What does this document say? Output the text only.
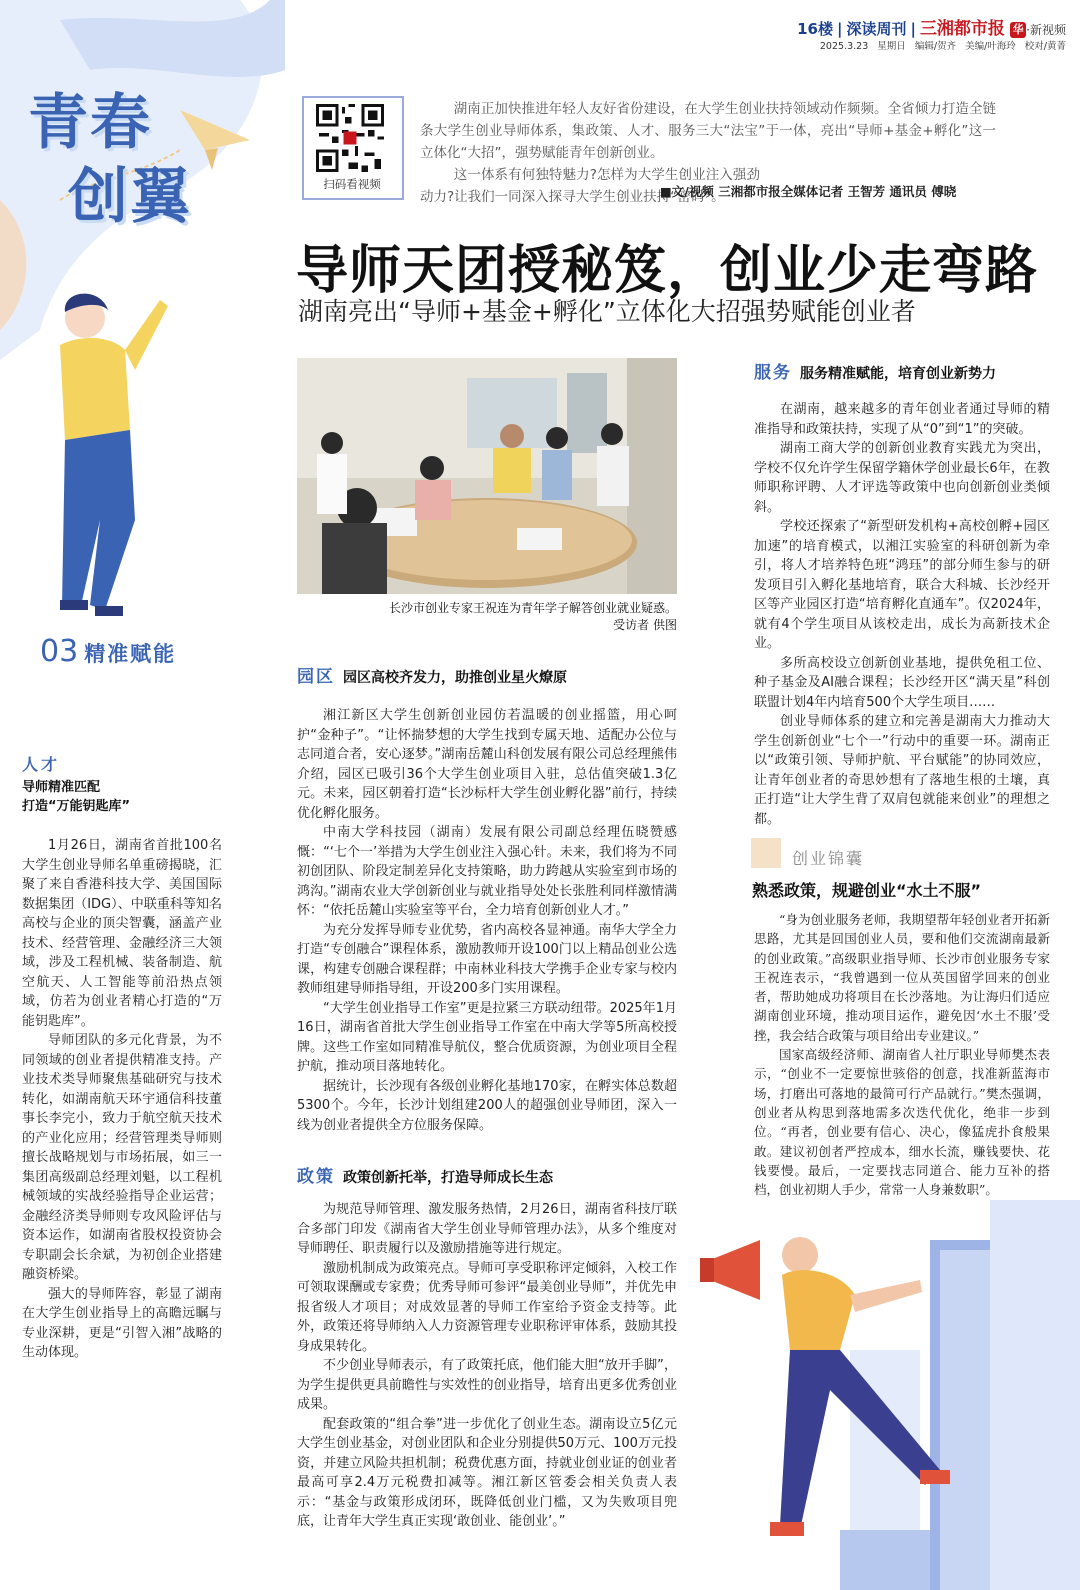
16楼 | 深读周刊 | 三湘都市报 华 ·新视频
2025.3.23 星期日 编辑/贺齐 美编/叶海玲 校对/黄菁
青春
创翼
03 精准赋能
扫码看视频

湖南正加快推进年轻人友好省份建设，在大学生创业扶持领域动作频频。全省倾力打造全链条大学生创业导师体系，集政策、人才、服务三大“法宝”于一体，亮出“导师+基金+孵化”这一立体化“大招”，强势赋能青年创新创业。

这一体系有何独特魅力?怎样为大学生创业注入强劲动力?让我们一同深入探寻大学生创业扶持“密码”。

■文/视频 三湘都市报全媒体记者 王智芳 通讯员 傅晓
导师天团授秘笈，创业少走弯路
湖南亮出“导师+基金+孵化”立体化大招强势赋能创业者
长沙市创业专家王祝连为青年学子解答创业就业疑惑。
受访者 供图
人才
导师精准匹配
打造“万能钥匙库”

1月26日，湖南省首批100名大学生创业导师名单重磅揭晓，汇聚了来自香港科技大学、美国国际数据集团（IDG）、中联重科等知名高校与企业的顶尖智囊，涵盖产业技术、经营管理、金融经济三大领域，涉及工程机械、装备制造、航空航天、人工智能等前沿热点领域，仿若为创业者精心打造的“万能钥匙库”。

导师团队的多元化背景，为不同领域的创业者提供精准支持。产业技术类导师聚焦基础研究与技术转化，如湖南航天环宇通信科技董事长李完小，致力于航空航天技术的产业化应用；经营管理类导师则擅长战略规划与市场拓展，如三一集团高级副总经理刘魁，以工程机械领域的实战经验指导企业运营；金融经济类导师则专攻风险评估与资本运作，如湖南省股权投资协会专职副会长余斌，为初创企业搭建融资桥梁。

强大的导师阵容，彰显了湖南在大学生创业指导上的高瞻远瞩与专业深耕，更是“引智入湘”战略的生动体现。

园区 园区高校齐发力，助推创业星火燎原

湘江新区大学生创新创业园仿若温暖的创业摇篮，用心呵护“金种子”。“让怀揣梦想的大学生找到专属天地、适配办公位与志同道合者，安心逐梦。”湖南岳麓山科创发展有限公司总经理熊伟介绍，园区已吸引36个大学生创业项目入驻，总估值突破1.3亿元。未来，园区朝着打造“长沙标杆大学生创业孵化器”前行，持续优化孵化服务。

中南大学科技园（湖南）发展有限公司副总经理伍晓赞感慨：“‘七个一’举措为大学生创业注入强心针。未来，我们将为不同初创团队、阶段定制差异化支持策略，助力跨越从实验室到市场的鸿沟。”湖南农业大学创新创业与就业指导处处长张胜利同样激情满怀：“依托岳麓山实验室等平台，全力培育创新创业人才。”

为充分发挥导师专业优势，省内高校各显神通。南华大学全力打造“专创融合”课程体系，激励教师开设100门以上精品创业公选课，构建专创融合课程群；中南林业科技大学携手企业专家与校内教师组建导师指导组，开设200多门实用课程。

“大学生创业指导工作室”更是拉紧三方联动纽带。2025年1月16日，湖南省首批大学生创业指导工作室在中南大学等5所高校授牌。这些工作室如同精准导航仪，整合优质资源，为创业项目全程护航，推动项目落地转化。

据统计，长沙现有各级创业孵化基地170家，在孵实体总数超5300个。今年，长沙计划组建200人的超强创业导师团，深入一线为创业者提供全方位服务保障。

政策 政策创新托举，打造导师成长生态

为规范导师管理、激发服务热情，2月26日，湖南省科技厅联合多部门印发《湖南省大学生创业导师管理办法》，从多个维度对导师聘任、职责履行以及激励措施等进行规定。

激励机制成为政策亮点。导师可享受职称评定倾斜，入校工作可领取课酬或专家费；优秀导师可参评“最美创业导师”，并优先申报省级人才项目；对成效显著的导师工作室给予资金支持等。此外，政策还将导师纳入人力资源管理专业职称评审体系，鼓励其投身成果转化。

不少创业导师表示，有了政策托底，他们能大胆“放开手脚”，为学生提供更具前瞻性与实效性的创业指导，培育出更多优秀创业成果。

配套政策的“组合拳”进一步优化了创业生态。湖南设立5亿元大学生创业基金，对创业团队和企业分别提供50万元、100万元投资，并建立风险共担机制；税费优惠方面，持就业创业证的创业者最高可享2.4万元税费扣减等。湘江新区管委会相关负责人表示：“基金与政策形成闭环，既降低创业门槛，又为失败项目兜底，让青年大学生真正实现‘敢创业、能创业’。”

服务 服务精准赋能，培育创业新势力

在湖南，越来越多的青年创业者通过导师的精准指导和政策扶持，实现了从“0”到“1”的突破。

湖南工商大学的创新创业教育实践尤为突出，学校不仅允许学生保留学籍休学创业最长6年，在教师职称评聘、人才评选等政策中也向创新创业类倾斜。

学校还探索了“新型研发机构+高校创孵+园区加速”的培育模式，以湘江实验室的科研创新为牵引，将人才培养特色班“鸿珏”的部分师生参与的研发项目引入孵化基地培育，联合大科城、长沙经开区等产业园区打造“培育孵化直通车”。仅2024年，就有4个学生项目从该校走出，成长为高新技术企业。

多所高校设立创新创业基地，提供免租工位、种子基金及AI融合课程；长沙经开区“满天星”科创联盟计划4年内培育500个大学生项目……

创业导师体系的建立和完善是湖南大力推动大学生创新创业“七个一”行动中的重要一环。湖南正以“政策引领、导师护航、平台赋能”的协同效应，让青年创业者的奇思妙想有了落地生根的土壤，真正打造“让大学生背了双肩包就能来创业”的理想之都。

创业锦囊
熟悉政策，规避创业“水土不服”

“身为创业服务老师，我期望帮年轻创业者开拓新思路，尤其是回国创业人员，要和他们交流湖南最新的创业政策。”高级职业指导师、长沙市创业服务专家王祝连表示，“我曾遇到一位从英国留学回来的创业者，帮助她成功将项目在长沙落地。为让海归们适应湖南创业环境，推动项目运作，避免因‘水土不服’受挫，我会结合政策与项目给出专业建议。”

国家高级经济师、湖南省人社厅职业导师樊杰表示，“创业不一定要惊世骇俗的创意，找准新蓝海市场，打磨出可落地的最简可行产品就行。”樊杰强调，创业者从构思到落地需多次迭代优化，绝非一步到位。“再者，创业要有信心、决心，像猛虎扑食般果敢。建议初创者严控成本，细水长流，赚钱要快、花钱要慢。最后，一定要找志同道合、能力互补的搭档，创业初期人手少，常常一人身兼数职”。
